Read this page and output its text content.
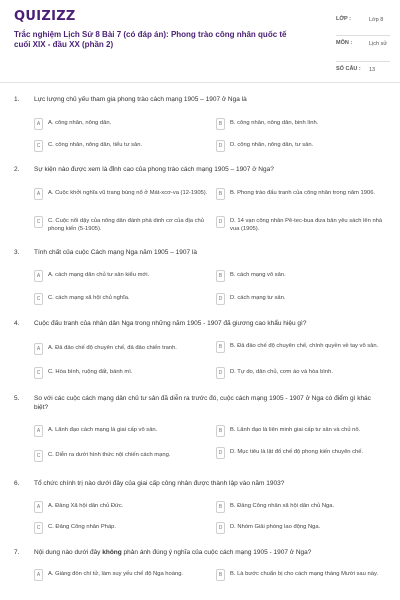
QUIZIZZ
Trắc nghiệm Lịch Sử 8 Bài 7 (có đáp án): Phong trào công nhân quốc tế cuối XIX - đầu XX (phần 2)
LỚP :	Lớp 8
MÔN :	Lịch sử
SỐ CÂU : 13
1.	Lực lượng chủ yếu tham gia phong trào cách mạng 1905 – 1907 ở Nga là
A	A. công nhân, nông dân.	B	B. công nhân, nông dân, binh lính.
C	C. công nhân, nông dân, tiểu tư sản.	D	D. công nhân, nông dân, tư sản.
2.	Sự kiện nào được xem là đỉnh cao của phong trào cách mạng 1905 – 1907 ở Nga?
A	A. Cuộc khởi nghĩa vũ trang bùng nổ ở Mát-xcơ-va (12-1905).	B	B. Phong trào đấu tranh của công nhân trong năm 1906.
C	C. Cuộc nổi dậy của nông dân đánh phá dinh cơ của địa chủ phong kiến (5-1905).
D	D. 14 vạn công nhân Pê-tec-bua đưa bản yêu sách lên nhà vua (1905).
3.	Tính chất của cuộc Cách mạng Nga năm 1905 – 1907 là
A	A. cách mạng dân chủ tư sản kiểu mới.	B	B. cách mạng vô sản.
C	C. cách mạng xã hội chủ nghĩa.	D	D. cách mạng tư sản.
4.	Cuộc đấu tranh của nhân dân Nga trong những năm 1905 - 1907 đã giương cao khẩu hiệu gì?
A	A. Đả đảo chế độ chuyên chế, đả đảo chiến tranh.	B	B. Đả đảo chế độ chuyên chế, chính quyền về tay vô sản.
C	C. Hòa bình, ruộng đất, bánh mì.	D	D. Tự do, dân chủ, cơm áo và hòa bình.
5.	So với các cuộc cách mạng dân chủ tư sản đã diễn ra trước đó, cuộc cách mạng 1905 - 1907 ở Nga có điểm gì khác biệt?
A	A. Lãnh đạo cách mạng là giai cấp vô sản.	B	B. Lãnh đạo là liên minh giai cấp tư sản và chủ nô.
C	C. Diễn ra dưới hình thức nội chiến cách mạng.	D	D. Mục tiêu là lật đổ chế độ phong kiến chuyên chế.
6.	Tổ chức chính trị nào dưới đây của giai cấp công nhân được thành lập vào năm 1903?
A	A. Đảng Xã hội dân chủ Đức.	B	B. Đảng Công nhân xã hội dân chủ Nga.
C	C. Đảng Công nhân Pháp.	D	D. Nhóm Giải phóng lao động Nga.
7.	Nội dung nào dưới đây không phản ánh đúng ý nghĩa của cuộc cách mạng 1905 - 1907 ở Nga?
A	A. Giáng đòn chí tử, làm suy yếu chế độ Nga hoàng.	B	B. Là bước chuẩn bị cho cách mạng tháng Mười sau này.
